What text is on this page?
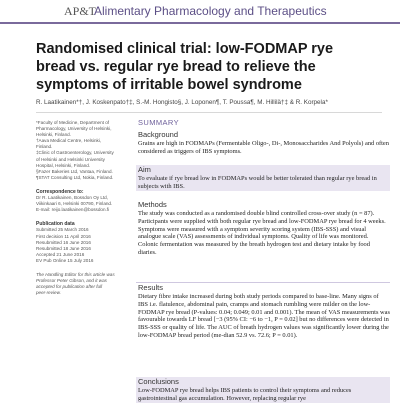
AP&T
Alimentary Pharmacology and Therapeutics
Randomised clinical trial: low-FODMAP rye bread vs. regular rye bread to relieve the symptoms of irritable bowel syndrome
R. Laatikainen*†, J. Koskenpato†‡, S.-M. Hongisto§, J. Loponen¶, T. Poussa¶, M. Hillilä†‡ & R. Korpela*

*Faculty of Medicine, Department of

Pharmacology, University of Helsinki,

Helsinki, Finland.

†Aava Medical Centre, Helsinki,

Finland.

‡Clinic of Gastroenterology, University

of Helsinki and Helsinki University

Hospital, Helsinki, Finland.

§Fazer Bakeries Ltd, Vantaa, Finland.

¶STAT Consulting Ltd, Nokia, Finland.

Correspondence to:

Dr R. Laatikainen, Bossdon Oy Ltd,

Viikinkaari 6, Helsinki 00790, Finland.

E-mail: reijo.laatikainen@bossdon.fi

Publication data

Submitted 25 March 2016

First decision 11 April 2016

Resubmitted 16 June 2016

Resubmitted 18 June 2016

Accepted 21 June 2016

EV Pub Online 15 July 2016

The Handling Editor for this article was

Professor Peter Gibson, and it was

accepted for publication after full

peer-review.

SUMMARY
Background
Grains are high in FODMAPs (Fermentable Oligo-, Di-, Monosaccharides And Polyols) and often considered as triggers of IBS symptoms.
Aim
To evaluate if rye bread low in FODMAPs would be better tolerated than regular rye bread in subjects with IBS.
Methods
The study was conducted as a randomised double blind controlled cross-over study (n = 87). Participants were supplied with both regular rye bread and low-FODMAP rye bread for 4 weeks. Symptoms were measured with a symptom severity scoring system (IBS-SSS) and visual analogue scale (VAS) assessments of individual symptoms. Quality of life was monitored. Colonic fermentation was measured by the breath hydrogen test and dietary intake by food diaries.
Results
Dietary fibre intake increased during both study periods compared to base-line. Many signs of IBS i.e. flatulence, abdominal pain, cramps and stomach rumbling were milder on the low-FODMAP rye bread (P-values: 0.04; 0.049; 0.01 and 0.001). The mean of VAS measurements was favourable towards LF bread [−3 (95% CI: −6 to −1, P = 0.02] but no differences were detected in IBS-SSS or quality of life. The AUC of breath hydrogen values was significantly lower during the low-FODMAP bread period (me-dian 52.9 vs. 72.6; P = 0.01).
Conclusions
Low-FODMAP rye bread helps IBS patients to control their symptoms and reduces gastrointestinal gas accumulation. However, replacing regular rye
